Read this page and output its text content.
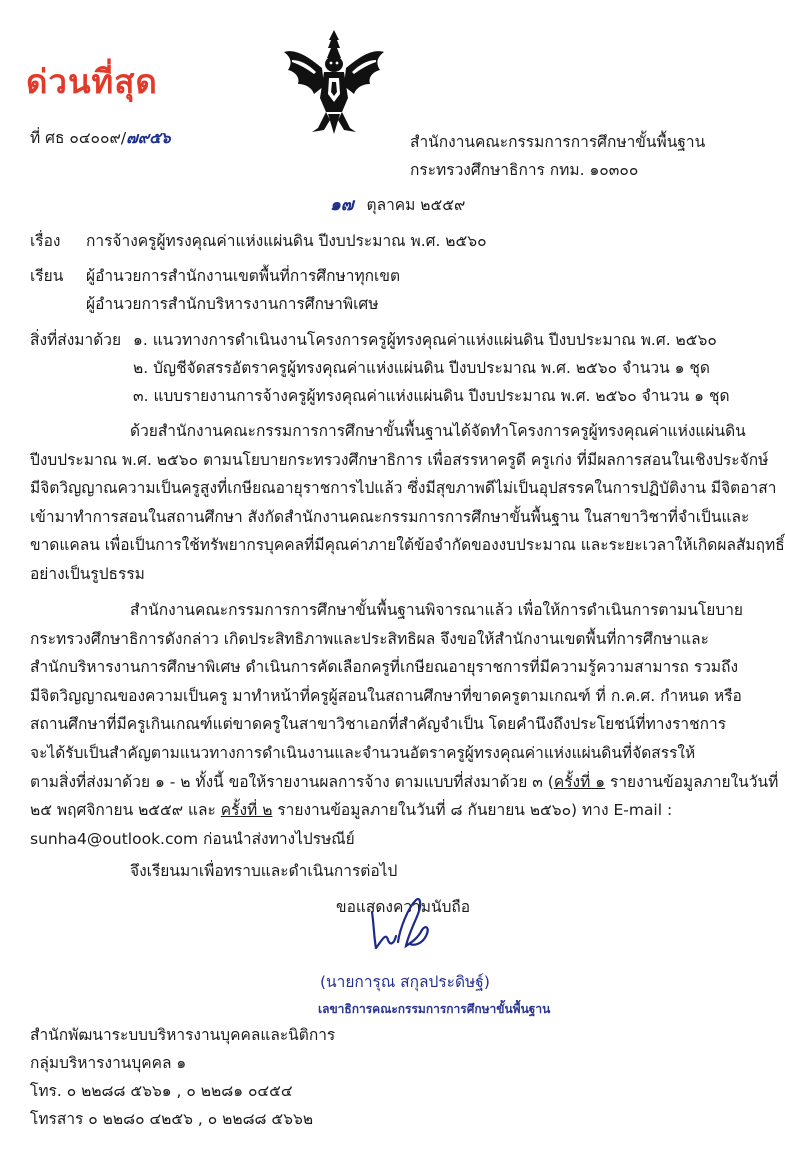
ด่วนที่สุด
ที่ ศธ ๐๔๐๐๙/๗๙๕๖	สำนักงานคณะกรรมการการศึกษาขั้นพื้นฐาน
กระทรวงศึกษาธิการ กทม. ๑๐๓๐๐
๑๗ ตุลาคม ๒๕๕๙
เรื่อง การจ้างครูผู้ทรงคุณค่าแห่งแผ่นดิน ปีงบประมาณ พ.ศ. ๒๕๖๐
เรียน ผู้อำนวยการสำนักงานเขตพื้นที่การศึกษาทุกเขต
ผู้อำนวยการสำนักบริหารงานการศึกษาพิเศษ
สิ่งที่ส่งมาด้วย ๑. แนวทางการดำเนินงานโครงการครูผู้ทรงคุณค่าแห่งแผ่นดิน ปีงบประมาณ พ.ศ. ๒๕๖๐
๒. บัญชีจัดสรรอัตราครูผู้ทรงคุณค่าแห่งแผ่นดิน ปีงบประมาณ พ.ศ. ๒๕๖๐ จำนวน ๑ ชุด
๓. แบบรายงานการจ้างครูผู้ทรงคุณค่าแห่งแผ่นดิน ปีงบประมาณ พ.ศ. ๒๕๖๐ จำนวน ๑ ชุด
ด้วยสำนักงานคณะกรรมการการศึกษาขั้นพื้นฐานได้จัดทำโครงการครูผู้ทรงคุณค่าแห่งแผ่นดิน
ปีงบประมาณ พ.ศ. ๒๕๖๐ ตามนโยบายกระทรวงศึกษาธิการ เพื่อสรรหาครูดี ครูเก่ง ที่มีผลการสอนในเชิงประจักษ์
มีจิตวิญญาณความเป็นครูสูงที่เกษียณอายุราชการไปแล้ว ซึ่งมีสุขภาพดีไม่เป็นอุปสรรคในการปฏิบัติงาน มีจิตอาสา
เข้ามาทำการสอนในสถานศึกษา สังกัดสำนักงานคณะกรรมการการศึกษาขั้นพื้นฐาน ในสาขาวิชาที่จำเป็นและ
ขาดแคลน เพื่อเป็นการใช้ทรัพยากรบุคคลที่มีคุณค่าภายใต้ข้อจำกัดของงบประมาณ และระยะเวลาให้เกิดผลสัมฤทธิ์
อย่างเป็นรูปธรรม
สำนักงานคณะกรรมการการศึกษาขั้นพื้นฐานพิจารณาแล้ว เพื่อให้การดำเนินการตามนโยบาย
กระทรวงศึกษาธิการดังกล่าว เกิดประสิทธิภาพและประสิทธิผล จึงขอให้สำนักงานเขตพื้นที่การศึกษาและ
สำนักบริหารงานการศึกษาพิเศษ ดำเนินการคัดเลือกครูที่เกษียณอายุราชการที่มีความรู้ความสามารถ รวมถึง
มีจิตวิญญาณของความเป็นครู มาทำหน้าที่ครูผู้สอนในสถานศึกษาที่ขาดครูตามเกณฑ์ ที่ ก.ค.ศ. กำหนด หรือ
สถานศึกษาที่มีครูเกินเกณฑ์แต่ขาดครูในสาขาวิชาเอกที่สำคัญจำเป็น โดยคำนึงถึงประโยชน์ที่ทางราชการ
จะได้รับเป็นสำคัญตามแนวทางการดำเนินงานและจำนวนอัตราครูผู้ทรงคุณค่าแห่งแผ่นดินที่จัดสรรให้
ตามสิ่งที่ส่งมาด้วย ๑ - ๒ ทั้งนี้ ขอให้รายงานผลการจ้าง ตามแบบที่ส่งมาด้วย ๓ (ครั้งที่ ๑ รายงานข้อมูลภายในวันที่
๒๕ พฤศจิกายน ๒๕๕๙ และ ครั้งที่ ๒ รายงานข้อมูลภายในวันที่ ๘ กันยายน ๒๕๖๐) ทาง E-mail :
sunha4@outlook.com ก่อนนำส่งทางไปรษณีย์
จึงเรียนมาเพื่อทราบและดำเนินการต่อไป
ขอแสดงความนับถือ
(นายการุณ สกุลประดิษฐ์)
เลขาธิการคณะกรรมการการศึกษาขั้นพื้นฐาน
สำนักพัฒนาระบบบริหารงานบุคคลและนิติการ
กลุ่มบริหารงานบุคคล ๑
โทร. ๐ ๒๒๘๘ ๕๖๖๑ , ๐ ๒๒๘๑ ๐๔๕๔
โทรสาร ๐ ๒๒๘๐ ๔๒๕๖ , ๐ ๒๒๘๘ ๕๖๖๒
